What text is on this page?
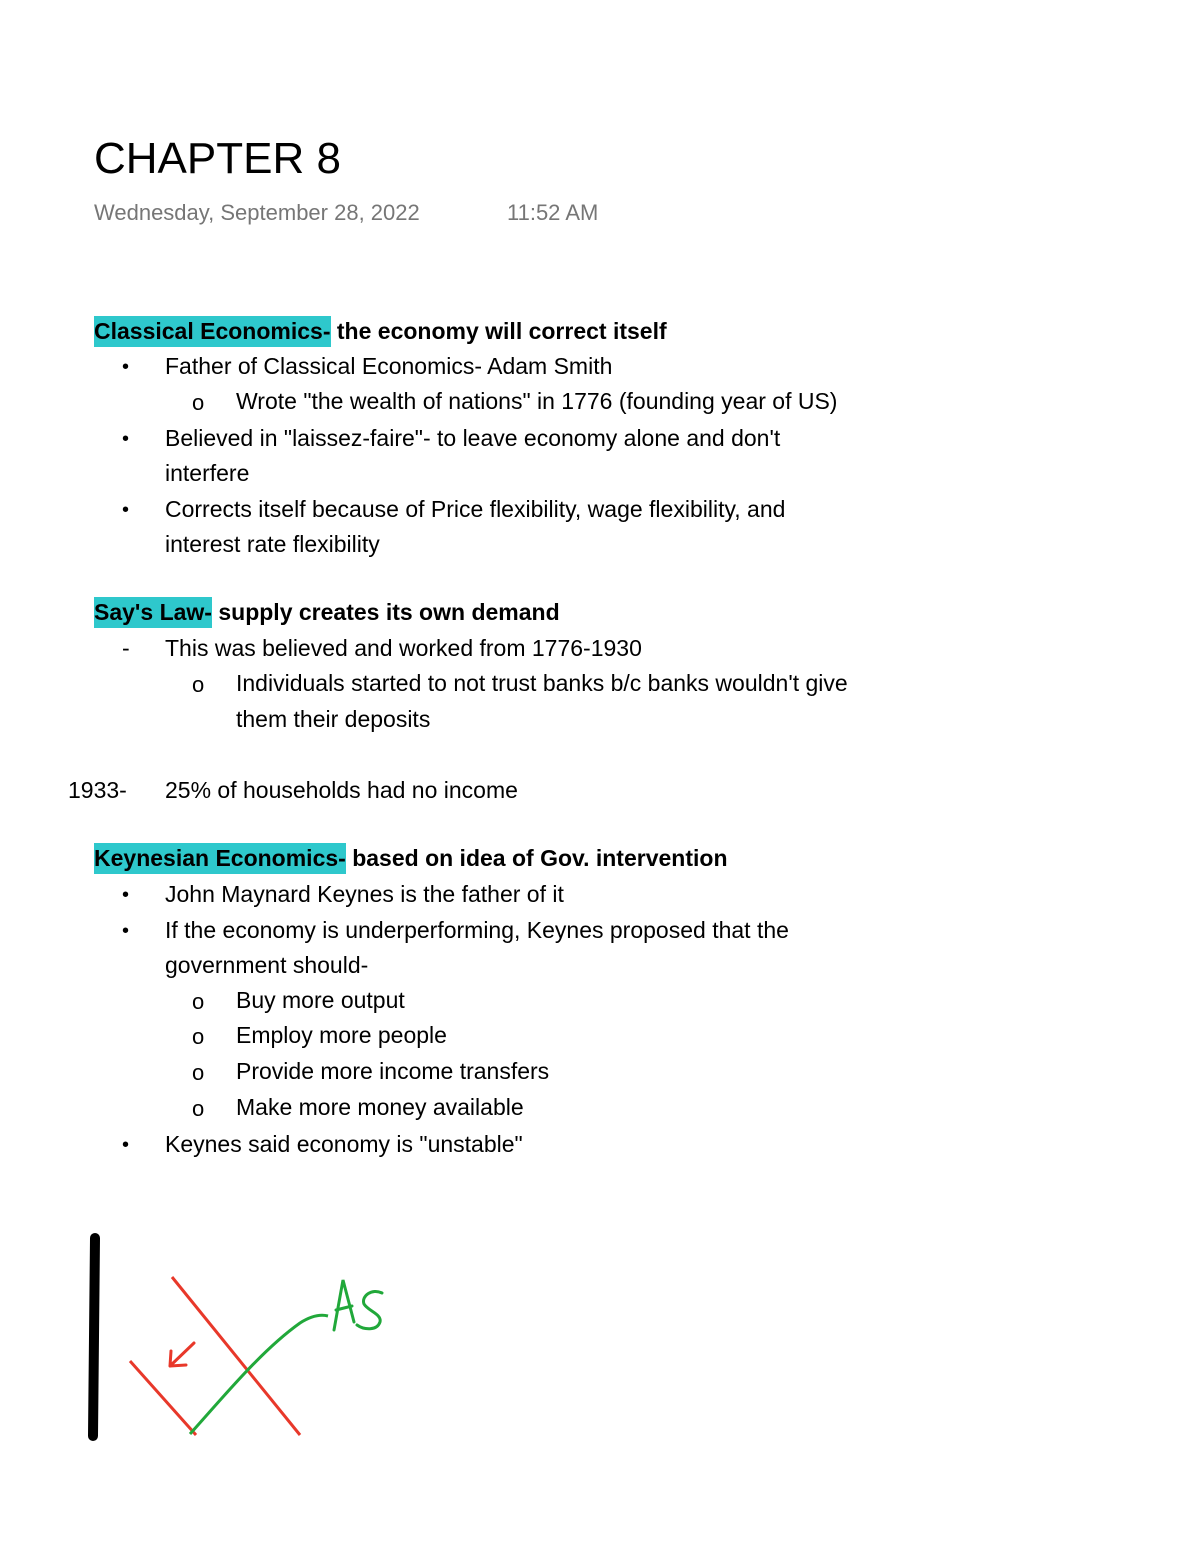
CHAPTER 8
Wednesday, September 28, 2022	11:52 AM
Classical Economics- the economy will correct itself
• Father of Classical Economics- Adam Smith
o Wrote "the wealth of nations" in 1776 (founding year of US)
• Believed in "laissez-faire"- to leave economy alone and don't
interfere
• Corrects itself because of Price flexibility, wage flexibility, and
interest rate flexibility
Say's Law- supply creates its own demand
- This was believed and worked from 1776-1930
o Individuals started to not trust banks b/c banks wouldn't give
them their deposits
1933- 25% of households had no income
Keynesian Economics- based on idea of Gov. intervention
• John Maynard Keynes is the father of it
• If the economy is underperforming, Keynes proposed that the
government should-
o Buy more output
o Employ more people
o Provide more income transfers
o Make more money available
• Keynes said economy is "unstable"
